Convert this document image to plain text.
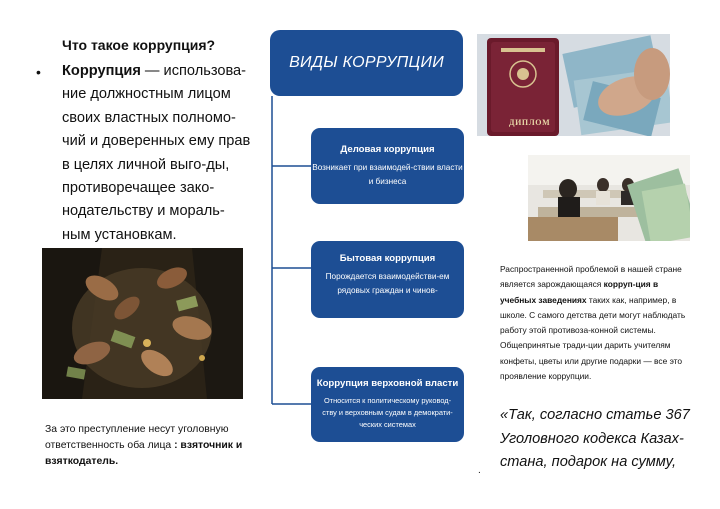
Что такое коррупция?
• Коррупция — использова-ние должностным лицом своих властных полномо-чий и доверенных ему прав в целях личной выго-ды, противоречащее зако-нодательству и мораль-ным установкам.

За это преступление несут уголовную ответственность оба лица : взяточник и взяткодатель.

ВИДЫ КОРРУПЦИИ
Деловая коррупция
Возникает при взаимодей-ствии власти и бизнеса
Бытовая коррупция
Порождается взаимодействи-ем рядовых граждан и чинов-
Коррупция верховной власти
Относится к политическому руковод-ству и верховным судам в демократи-ческих системах
ДИПЛОМ

Распространенной проблемой в нашей стране является зарождающаяся корруп-ция в учебных заведениях таких как, например, в школе. С самого детства дети могут наблюдать работу этой противоза-конной системы. Общепринятые тради-ции дарить учителям конфеты, цветы или другие подарки — все это проявление коррупции.

«Так, согласно статье 367 Уголовного кодекса Казах-стана, подарок на сумму,

.
